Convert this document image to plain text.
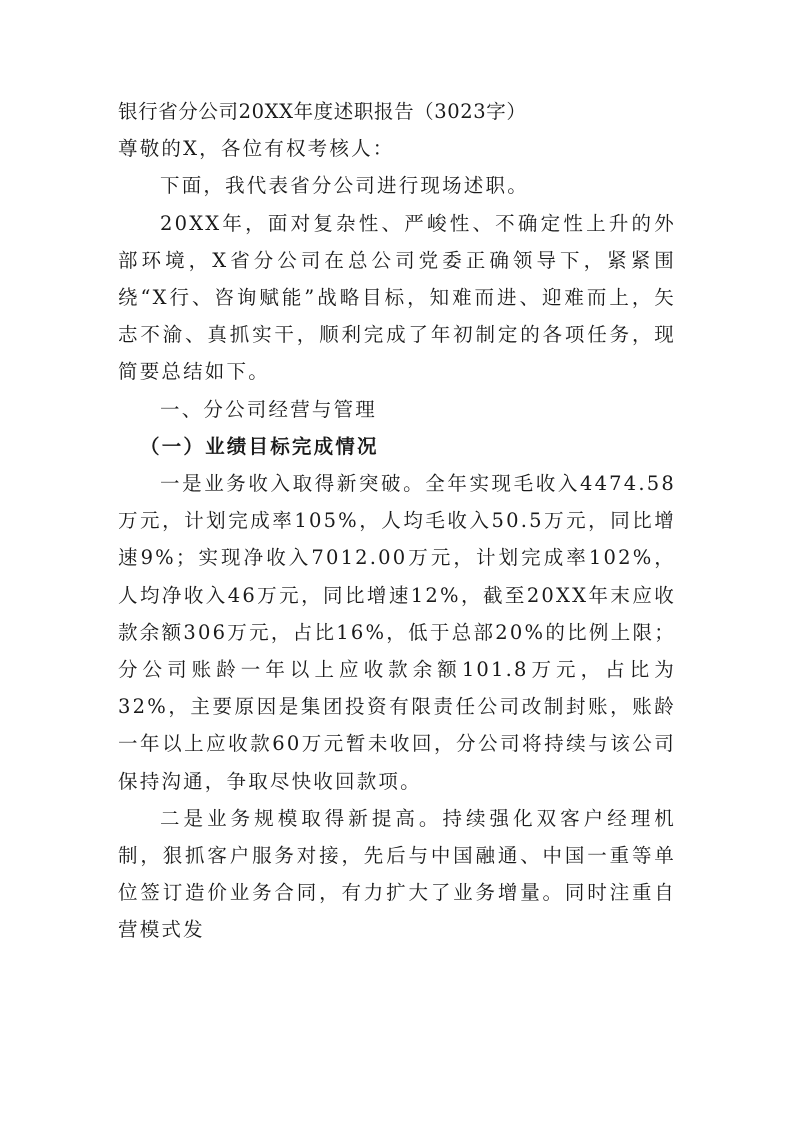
银行省分公司20XX年度述职报告（3023字）
尊敬的X，各位有权考核人：

下面，我代表省分公司进行现场述职。

20XX年，面对复杂性、严峻性、不确定性上升的外部环境，X省分公司在总公司党委正确领导下，紧紧围绕“X行、咨询赋能”战略目标，知难而进、迎难而上，矢志不渝、真抓实干，顺利完成了年初制定的各项任务，现简要总结如下。

一、分公司经营与管理

（一）业绩目标完成情况

一是业务收入取得新突破。全年实现毛收入4474.58万元，计划完成率105%，人均毛收入50.5万元，同比增速9%；实现净收入7012.00万元，计划完成率102%，人均净收入46万元，同比增速12%，截至20XX年末应收款余额306万元，占比16%，低于总部20%的比例上限；分公司账龄一年以上应收款余额101.8万元，占比为32%，主要原因是集团投资有限责任公司改制封账，账龄一年以上应收款60万元暂未收回，分公司将持续与该公司保持沟通，争取尽快收回款项。

二是业务规模取得新提高。持续强化双客户经理机制，狠抓客户服务对接，先后与中国融通、中国一重等单位签订造价业务合同，有力扩大了业务增量。同时注重自营模式发
